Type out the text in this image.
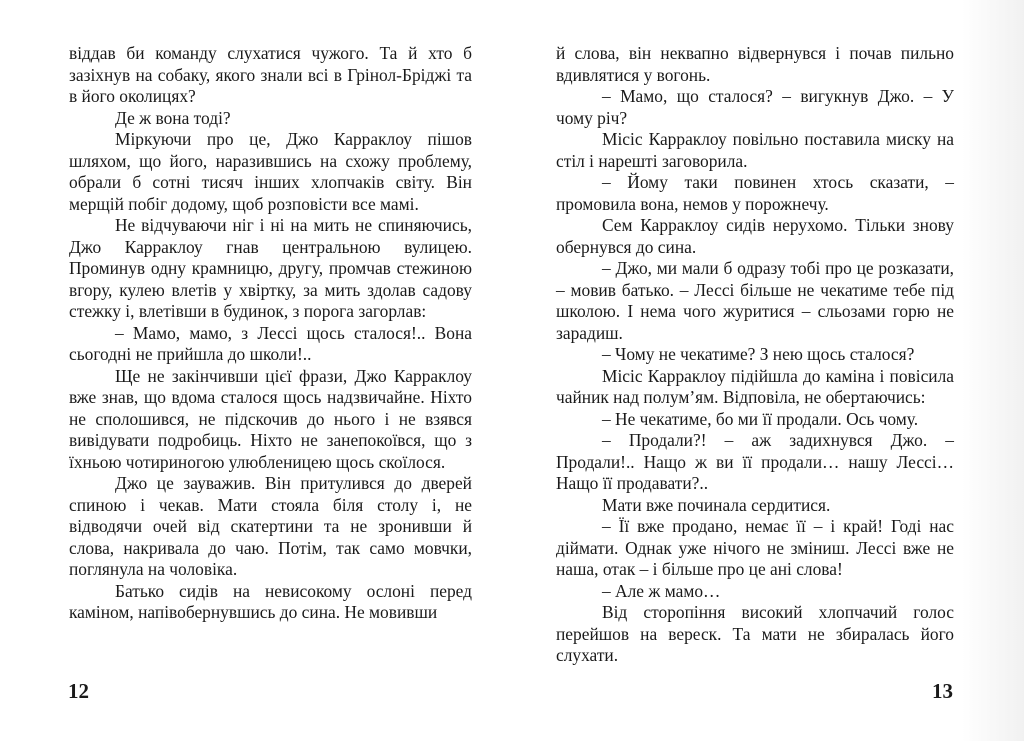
віддав би команду слухатися чужого. Та й хто б зазіхнув на собаку, якого знали всі в Грінол-Бріджі та в його околицях?

Де ж вона тоді?

Міркуючи про це, Джо Карраклоу пішов шляхом, що його, наразившись на схожу проблему, обрали б сотні тисяч інших хлопчаків світу. Він мерщій побіг додому, щоб розповісти все мамі.

Не відчуваючи ніг і ні на мить не спиняючись, Джо Карраклоу гнав центральною вулицею. Проминув одну крамницю, другу, промчав стежиною вгору, кулею влетів у хвіртку, за мить здолав садову стежку і, влетівши в будинок, з порога загорлав:

– Мамо, мамо, з Лессі щось сталося!.. Вона сьогодні не прийшла до школи!..

Ще не закінчивши цієї фрази, Джо Карраклоу вже знав, що вдома сталося щось надзвичайне. Ніхто не сполошився, не підскочив до нього і не взявся вивідувати подробиць. Ніхто не занепокоївся, що з їхньою чотириногою улюбленицею щось скоїлося.

Джо це зауважив. Він притулився до дверей спиною і чекав. Мати стояла біля столу і, не відводячи очей від скатертини та не зронивши й слова, накривала до чаю. Потім, так само мовчки, поглянула на чоловіка.

Батько сидів на невисокому ослоні перед каміном, напівобернувшись до сина. Не мовивши

12

й слова, він неквапно відвернувся і почав пильно вдивлятися у вогонь.

– Мамо, що сталося? – вигукнув Джо. – У чому річ?

Місіс Карраклоу повільно поставила миску на стіл і нарешті заговорила.

– Йому таки повинен хтось сказати, – промовила вона, немов у порожнечу.

Сем Карраклоу сидів нерухомо. Тільки знову обернувся до сина.

– Джо, ми мали б одразу тобі про це розказати, – мовив батько. – Лессі більше не чекатиме тебе під школою. І нема чого журитися – сльозами горю не зарадиш.

– Чому не чекатиме? З нею щось сталося?

Місіс Карраклоу підійшла до каміна і повісила чайник над полум’ям. Відповіла, не обертаючись:

– Не чекатиме, бо ми її продали. Ось чому.

– Продали?! – аж задихнувся Джо. – Продали!.. Нащо ж ви її продали… нашу Лессі… Нащо її продавати?..

Мати вже починала сердитися.

– Її вже продано, немає її – і край! Годі нас діймати. Однак уже нічого не зміниш. Лессі вже не наша, отак – і більше про це ані слова!

– Але ж мамо…

Від сторопіння високий хлопчачий голос перейшов на вереск. Та мати не збиралась його слухати.

13
